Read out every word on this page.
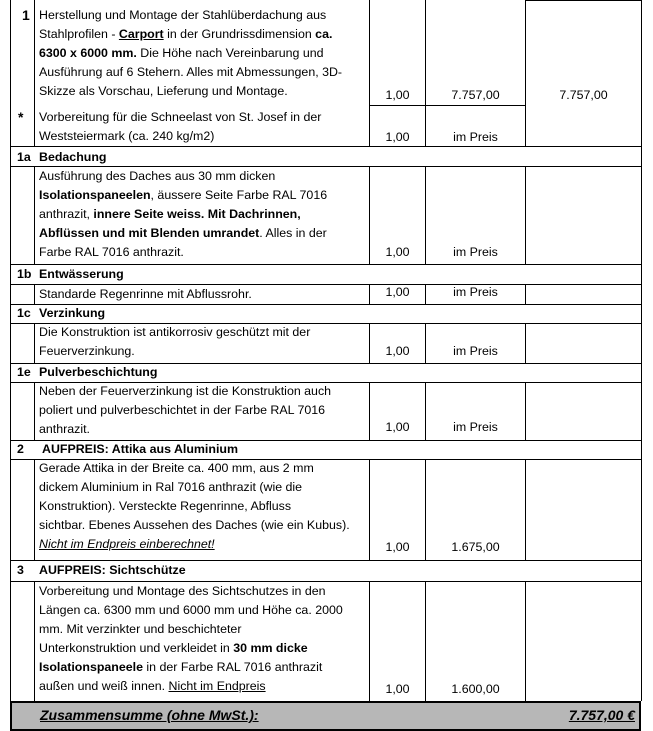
1 Herstellung und Montage der Stahlüberdachung aus
Stahlprofilen - Carport in der Grundrissdimension ca.
6300 x 6000 mm. Die Höhe nach Vereinbarung und
Ausführung auf 6 Stehern. Alles mit Abmessungen, 3D-
Skizze als Vorschau, Lieferung und Montage.	1,00	7.757,00	7.757,00
* Vorbereitung für die Schneelast von St. Josef in der
Weststeiermark (ca. 240 kg/m2)	1,00	im Preis
1a Bedachung
Ausführung des Daches aus 30 mm dicken
Isolationspaneelen, äussere Seite Farbe RAL 7016
anthrazit, innere Seite weiss. Mit Dachrinnen,
Abflüssen und mit Blenden umrandet. Alles in der
Farbe RAL 7016 anthrazit.	1,00	im Preis
1b Entwässerung
Standarde Regenrinne mit Abflussrohr.	1,00	im Preis
1c Verzinkung
Die Konstruktion ist antikorrosiv geschützt mit der
Feuerverzinkung.	1,00	im Preis
1e Pulverbeschichtung
Neben der Feuerverzinkung ist die Konstruktion auch
poliert und pulverbeschichtet in der Farbe RAL 7016
anthrazit.	1,00	im Preis
2 AUFPREIS: Attika aus Aluminium
Gerade Attika in der Breite ca. 400 mm, aus 2 mm
dickem Aluminium in Ral 7016 anthrazit (wie die
Konstruktion). Versteckte Regenrinne, Abfluss
sichtbar. Ebenes Aussehen des Daches (wie ein Kubus).
Nicht im Endpreis einberechnet!	1,00	1.675,00
3 AUFPREIS: Sichtschütze
Vorbereitung und Montage des Sichtschutzes in den
Längen ca. 6300 mm und 6000 mm und Höhe ca. 2000
mm. Mit verzinkter und beschichteter
Unterkonstruktion und verkleidet in 30 mm dicke
Isolationspaneele in der Farbe RAL 7016 anthrazit
außen und weiß innen. Nicht im Endpreis	1,00	1.600,00
Zusammensumme (ohne MwSt.):	7.757,00 €
